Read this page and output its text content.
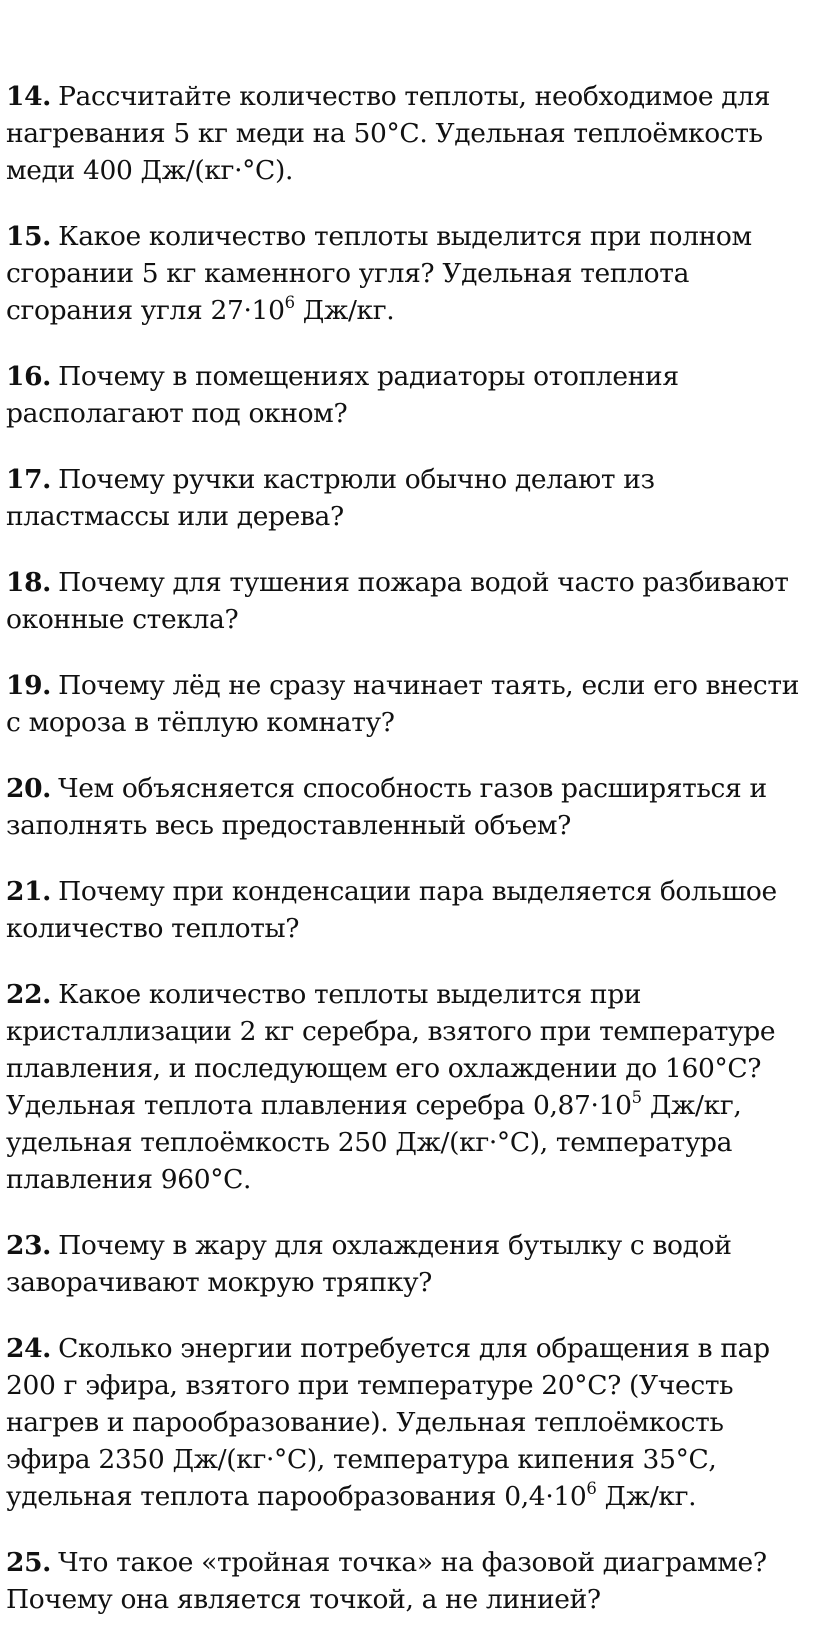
14. Рассчитайте количество теплоты, необходимое для
нагревания 5 кг меди на 50°С. Удельная теплоёмкость
меди 400 Дж/(кг·°С).
15. Какое количество теплоты выделится при полном
сгорании 5 кг каменного угля? Удельная теплота
сгорания угля $27\cdot 10^6$ Дж/кг.
16. Почему в помещениях радиаторы отопления
располагают под окном?
17. Почему ручки кастрюли обычно делают из
пластмассы или дерева?
18. Почему для тушения пожара водой часто разбивают
оконные стекла?
19. Почему лёд не сразу начинает таять, если его внести
с мороза в тёплую комнату?
20. Чем объясняется способность газов расширяться и
заполнять весь предоставленный объем?
21. Почему при конденсации пара выделяется большое
количество теплоты?
22. Какое количество теплоты выделится при
кристаллизации 2 кг серебра, взятого при температуре
плавления, и последующем его охлаждении до 160°С?
Удельная теплота плавления серебра $0,87\cdot 10^5$ Дж/кг,
удельная теплоёмкость 250 Дж/(кг·°С), температура
плавления 960°С.
23. Почему в жару для охлаждения бутылку с водой
заворачивают мокрую тряпку?
24. Сколько энергии потребуется для обращения в пар
200 г эфира, взятого при температуре 20°С? (Учесть
нагрев и парообразование). Удельная теплоёмкость
эфира 2350 Дж/(кг·°С), температура кипения 35°С,
удельная теплота парообразования $0,4\cdot 10^6$ Дж/кг.
25. Что такое «тройная точка» на фазовой диаграмме?
Почему она является точкой, а не линией?
